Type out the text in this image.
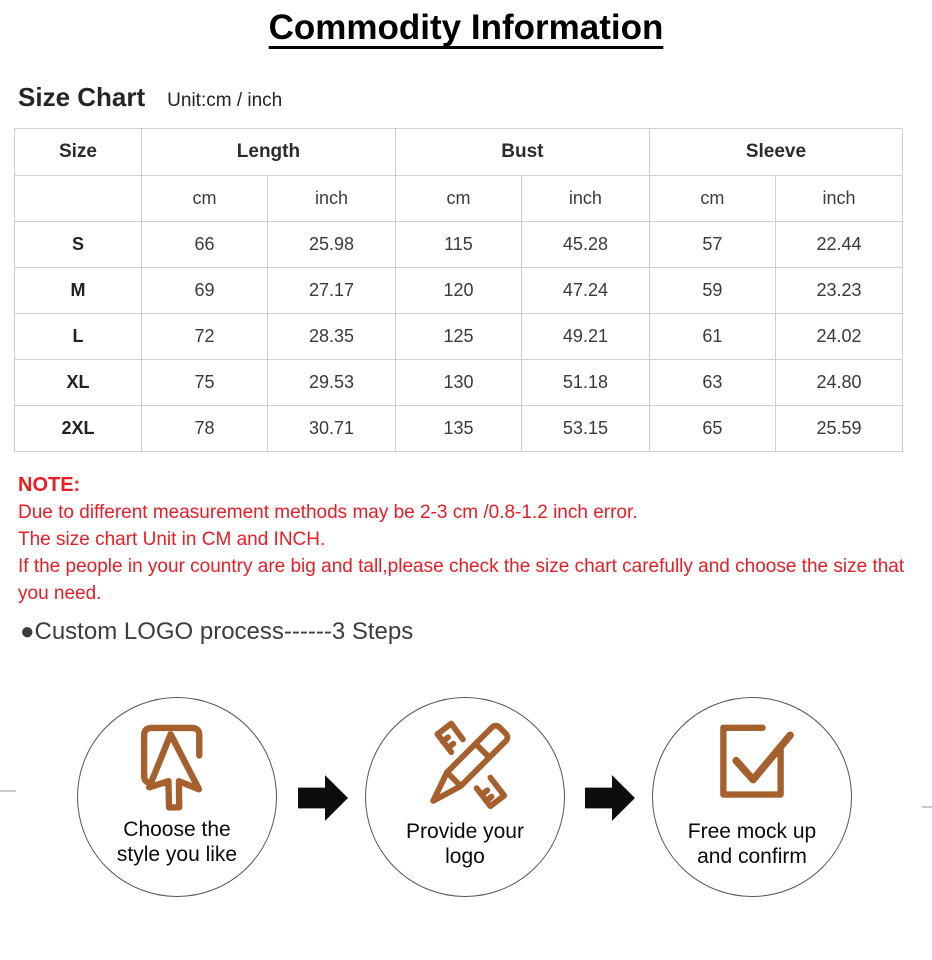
Commodity Information
Size Chart Unit:cm / inch
Size	Length		Bust		Sleeve	
	cm	inch	cm	inch	cm	inch
S	66	25.98	115	45.28	57	22.44
M	69	27.17	120	47.24	59	23.23
L	72	28.35	125	49.21	61	24.02
XL	75	29.53	130	51.18	63	24.80
2XL	78	30.71	135	53.15	65	25.59
NOTE:
Due to different measurement methods may be 2-3 cm /0.8-1.2 inch error.
The size chart Unit in CM and INCH.
If the people in your country are big and tall,please check the size chart carefully and choose the size that you need.
●Custom LOGO process------3 Steps
Choose the
style you like
Provide your
logo
Free mock up
and confirm
